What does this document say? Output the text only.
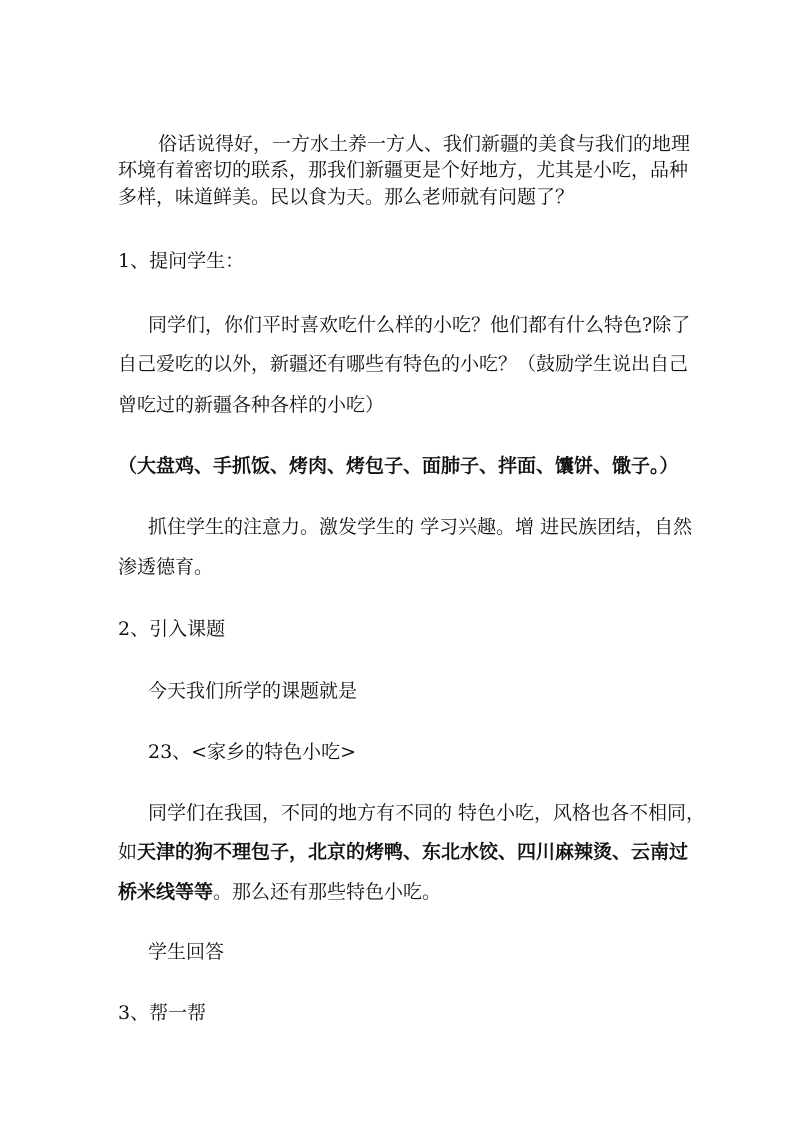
俗话说得好，一方水土养一方人、我们新疆的美食与我们的地理
环境有着密切的联系，那我们新疆更是个好地方，尤其是小吃，品种
多样，味道鲜美。民以食为天。那么老师就有问题了？
1、提问学生：
同学们，你们平时喜欢吃什么样的小吃？他们都有什么特色?除了
自己爱吃的以外，新疆还有哪些有特色的小吃？（鼓励学生说出自己
曾吃过的新疆各种各样的小吃）
（大盘鸡、手抓饭、烤肉、烤包子、面肺子、拌面、馕饼、馓子。）
抓住学生的注意力。激发学生的 学习兴趣。增 进民族团结，自然
渗透德育。
2、引入课题
今天我们所学的课题就是
23、<家乡的特色小吃>
同学们在我国，不同的地方有不同的 特色小吃，风格也各不相同，
如天津的狗不理包子，北京的烤鸭、东北水饺、四川麻辣烫、云南过
桥米线等等。那么还有那些特色小吃。
学生回答
3、帮一帮
